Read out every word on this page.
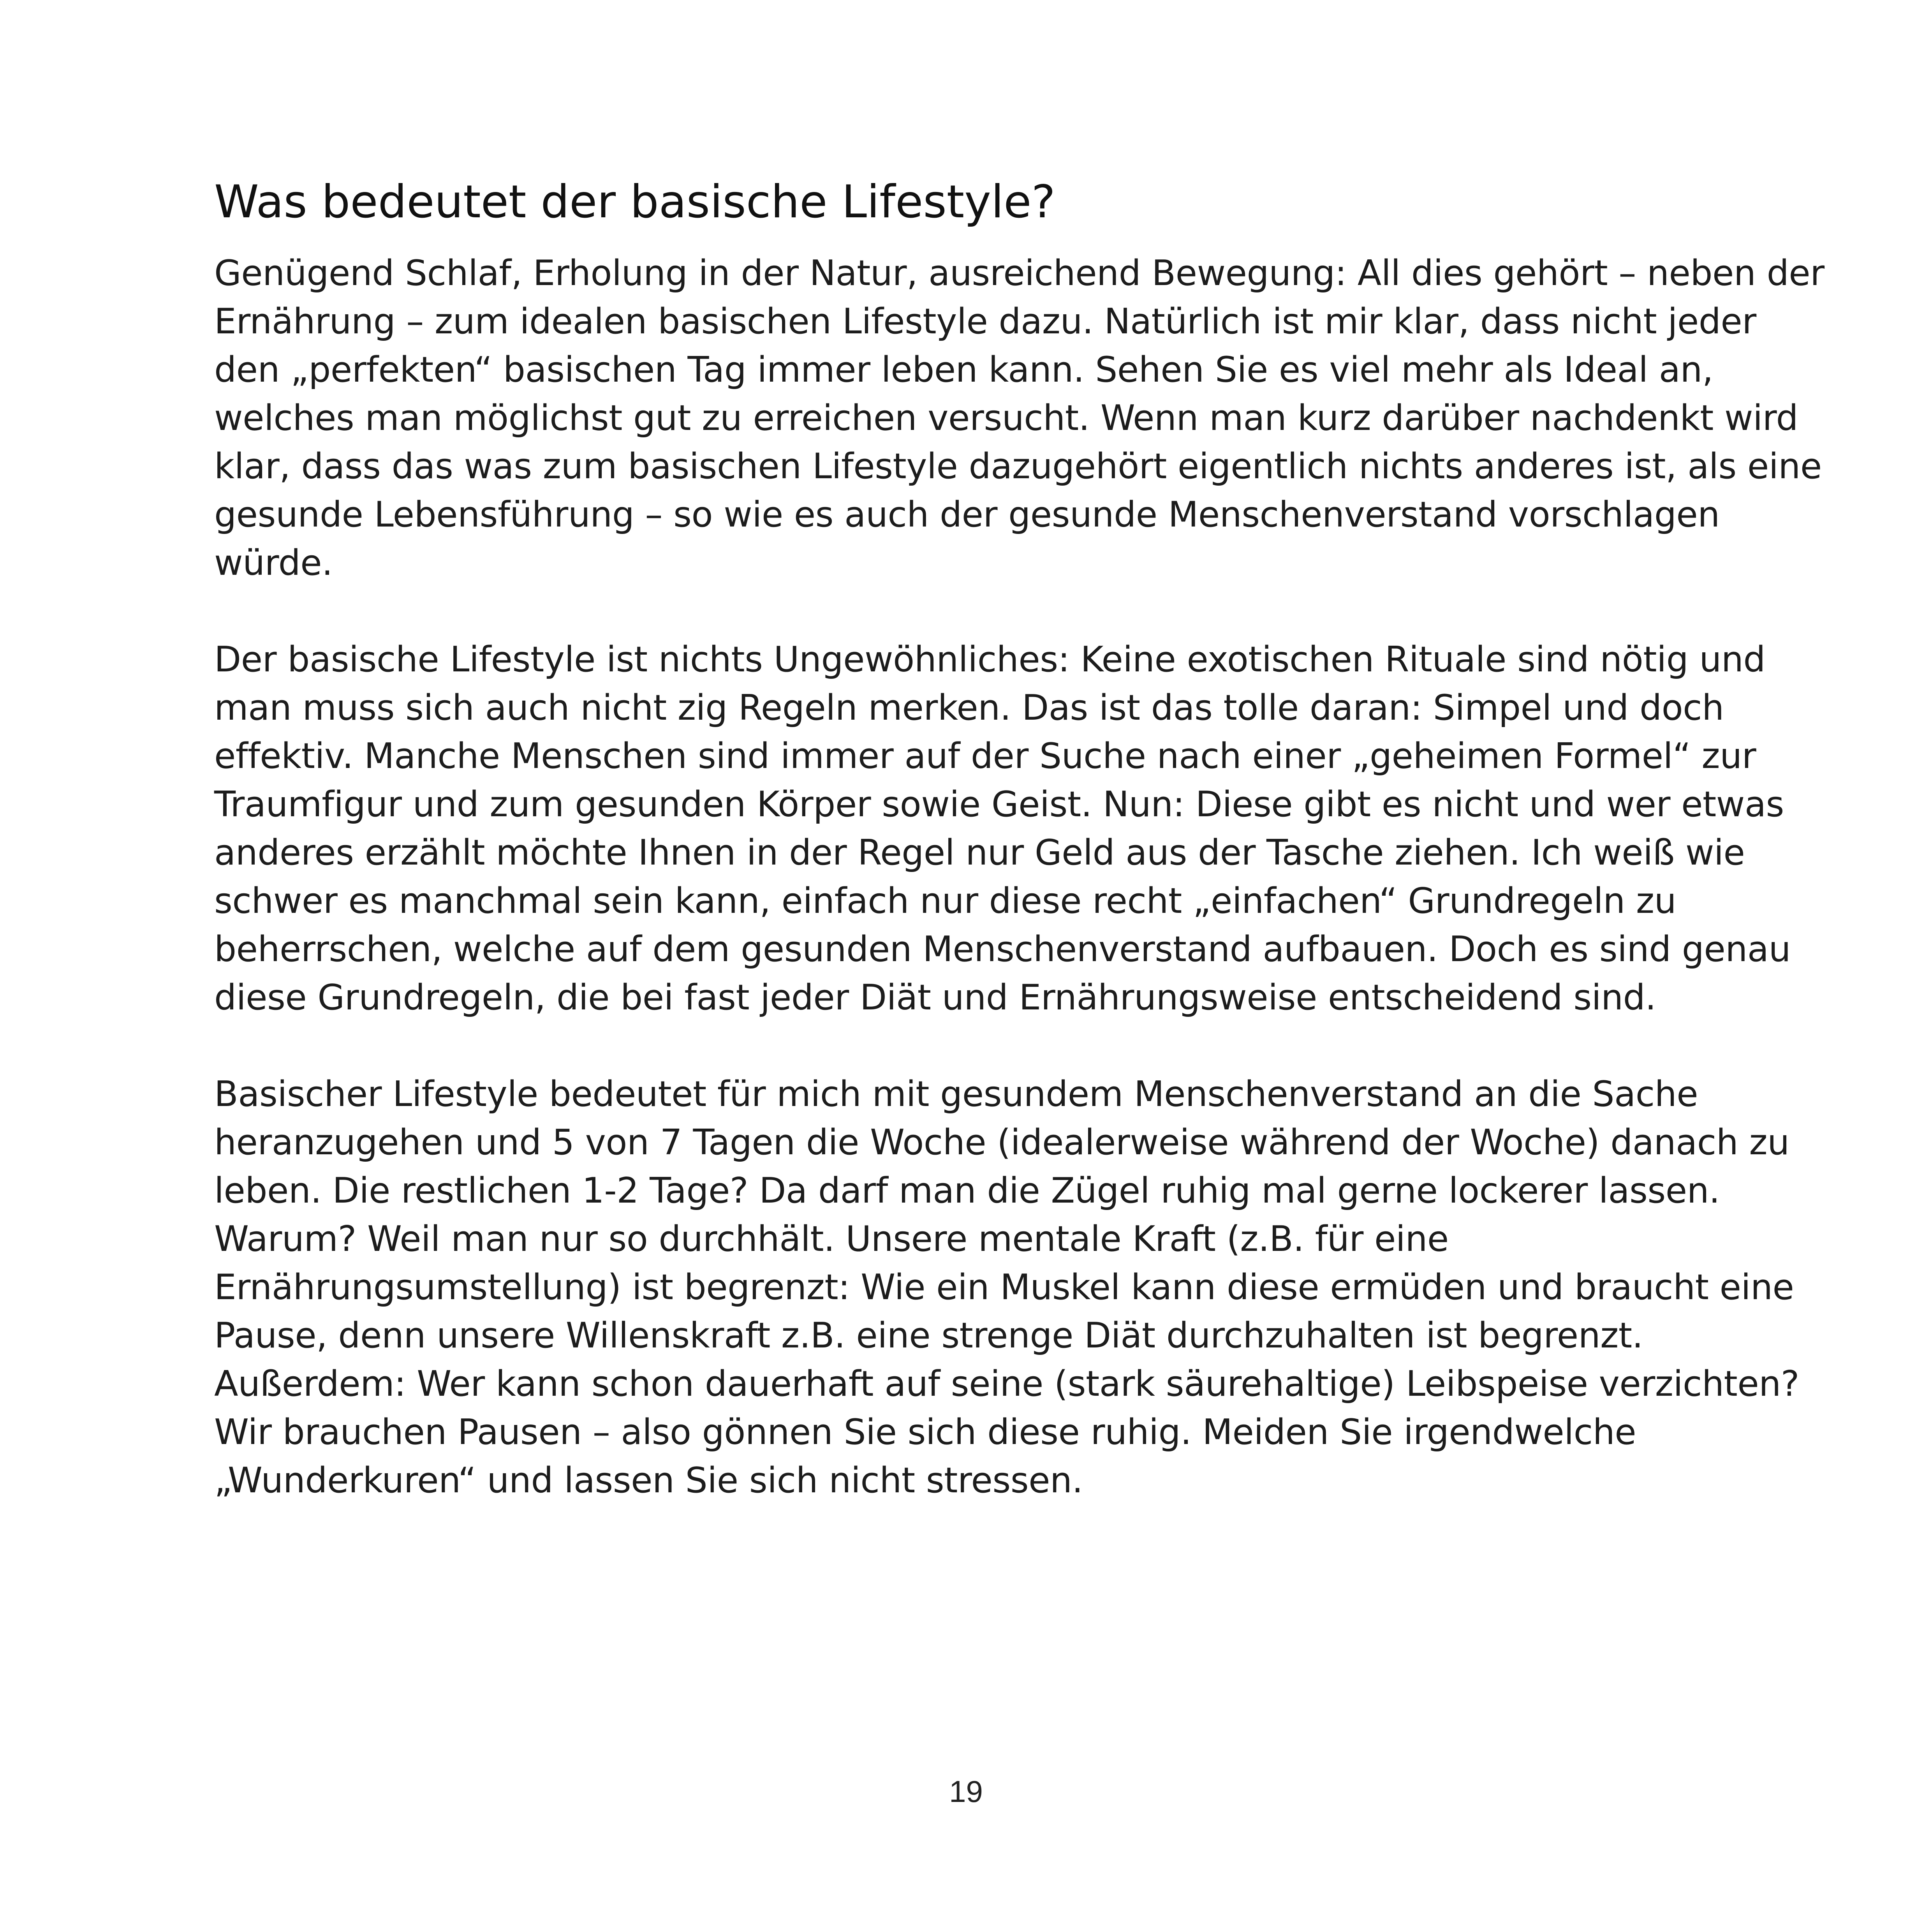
Was bedeutet der basische Lifestyle?

Genügend Schlaf, Erholung in der Natur, ausreichend Bewegung: All dies gehört – neben der Ernährung – zum idealen basischen Lifestyle dazu. Natürlich ist mir klar, dass nicht jeder den „perfekten“ basischen Tag immer leben kann. Sehen Sie es viel mehr als Ideal an, welches man möglichst gut zu erreichen versucht. Wenn man kurz darüber nachdenkt wird klar, dass das was zum basischen Lifestyle dazugehört eigentlich nichts anderes ist, als eine gesunde Lebensführung – so wie es auch der gesunde Menschenverstand vorschlagen würde.

Der basische Lifestyle ist nichts Ungewöhnliches: Keine exotischen Rituale sind nötig und man muss sich auch nicht zig Regeln merken. Das ist das tolle daran: Simpel und doch effektiv. Manche Menschen sind immer auf der Suche nach einer „geheimen Formel“ zur Traumfigur und zum gesunden Körper sowie Geist. Nun: Diese gibt es nicht und wer etwas anderes erzählt möchte Ihnen in der Regel nur Geld aus der Tasche ziehen. Ich weiß wie schwer es manchmal sein kann, einfach nur diese recht „einfachen“ Grundregeln zu beherrschen, welche auf dem gesunden Menschenverstand aufbauen. Doch es sind genau diese Grundregeln, die bei fast jeder Diät und Ernährungsweise entscheidend sind.

Basischer Lifestyle bedeutet für mich mit gesundem Menschenverstand an die Sache heranzugehen und 5 von 7 Tagen die Woche (idealerweise während der Woche) danach zu leben. Die restlichen 1-2 Tage? Da darf man die Zügel ruhig mal gerne lockerer lassen. Warum? Weil man nur so durchhält. Unsere mentale Kraft (z.B. für eine Ernährungsumstellung) ist begrenzt: Wie ein Muskel kann diese ermüden und braucht eine Pause, denn unsere Willenskraft z.B. eine strenge Diät durchzuhalten ist begrenzt. Außerdem: Wer kann schon dauerhaft auf seine (stark säurehaltige) Leibspeise verzichten? Wir brauchen Pausen – also gönnen Sie sich diese ruhig. Meiden Sie irgendwelche „Wunderkuren“ und lassen Sie sich nicht stressen.

19
